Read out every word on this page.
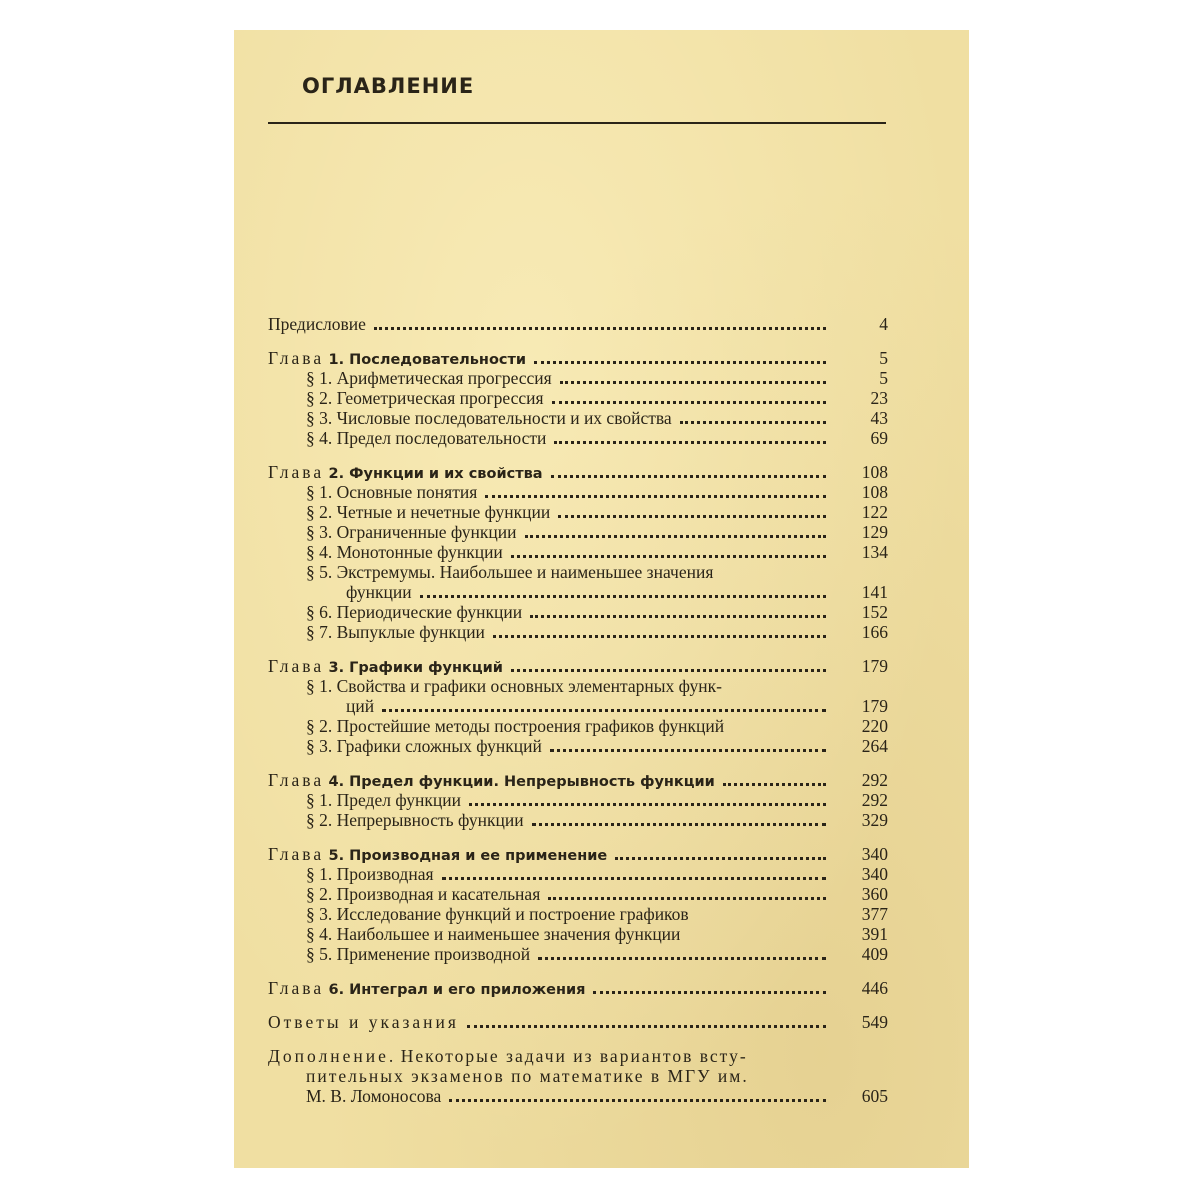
ОГЛАВЛЕНИЕ
Предисловие	4
Глава 1. Последовательности	5
§ 1. Арифметическая прогрессия	5
§ 2. Геометрическая прогрессия	23
§ 3. Числовые последовательности и их свойства	43
§ 4. Предел последовательности	69
Глава 2. Функции и их свойства	108
§ 1. Основные понятия	108
§ 2. Четные и нечетные функции	122
§ 3. Ограниченные функции	129
§ 4. Монотонные функции	134
§ 5. Экстремумы. Наибольшее и наименьшее значения
функции	141
§ 6. Периодические функции	152
§ 7. Выпуклые функции	166
Глава 3. Графики функций	179
§ 1. Свойства и графики основных элементарных функ-
ций	179
§ 2. Простейшие методы построения графиков функций	220
§ 3. Графики сложных функций	264
Глава 4. Предел функции. Непрерывность функции	292
§ 1. Предел функции	292
§ 2. Непрерывность функции	329
Глава 5. Производная и ее применение	340
§ 1. Производная	340
§ 2. Производная и касательная	360
§ 3. Исследование функций и построение графиков	377
§ 4. Наибольшее и наименьшее значения функции	391
§ 5. Применение производной	409
Глава 6. Интеграл и его приложения	446
Ответы и указания	549
Дополнение. Некоторые задачи из вариантов всту-
пительных экзаменов по математике в МГУ им.
М. В. Ломоносова	605
